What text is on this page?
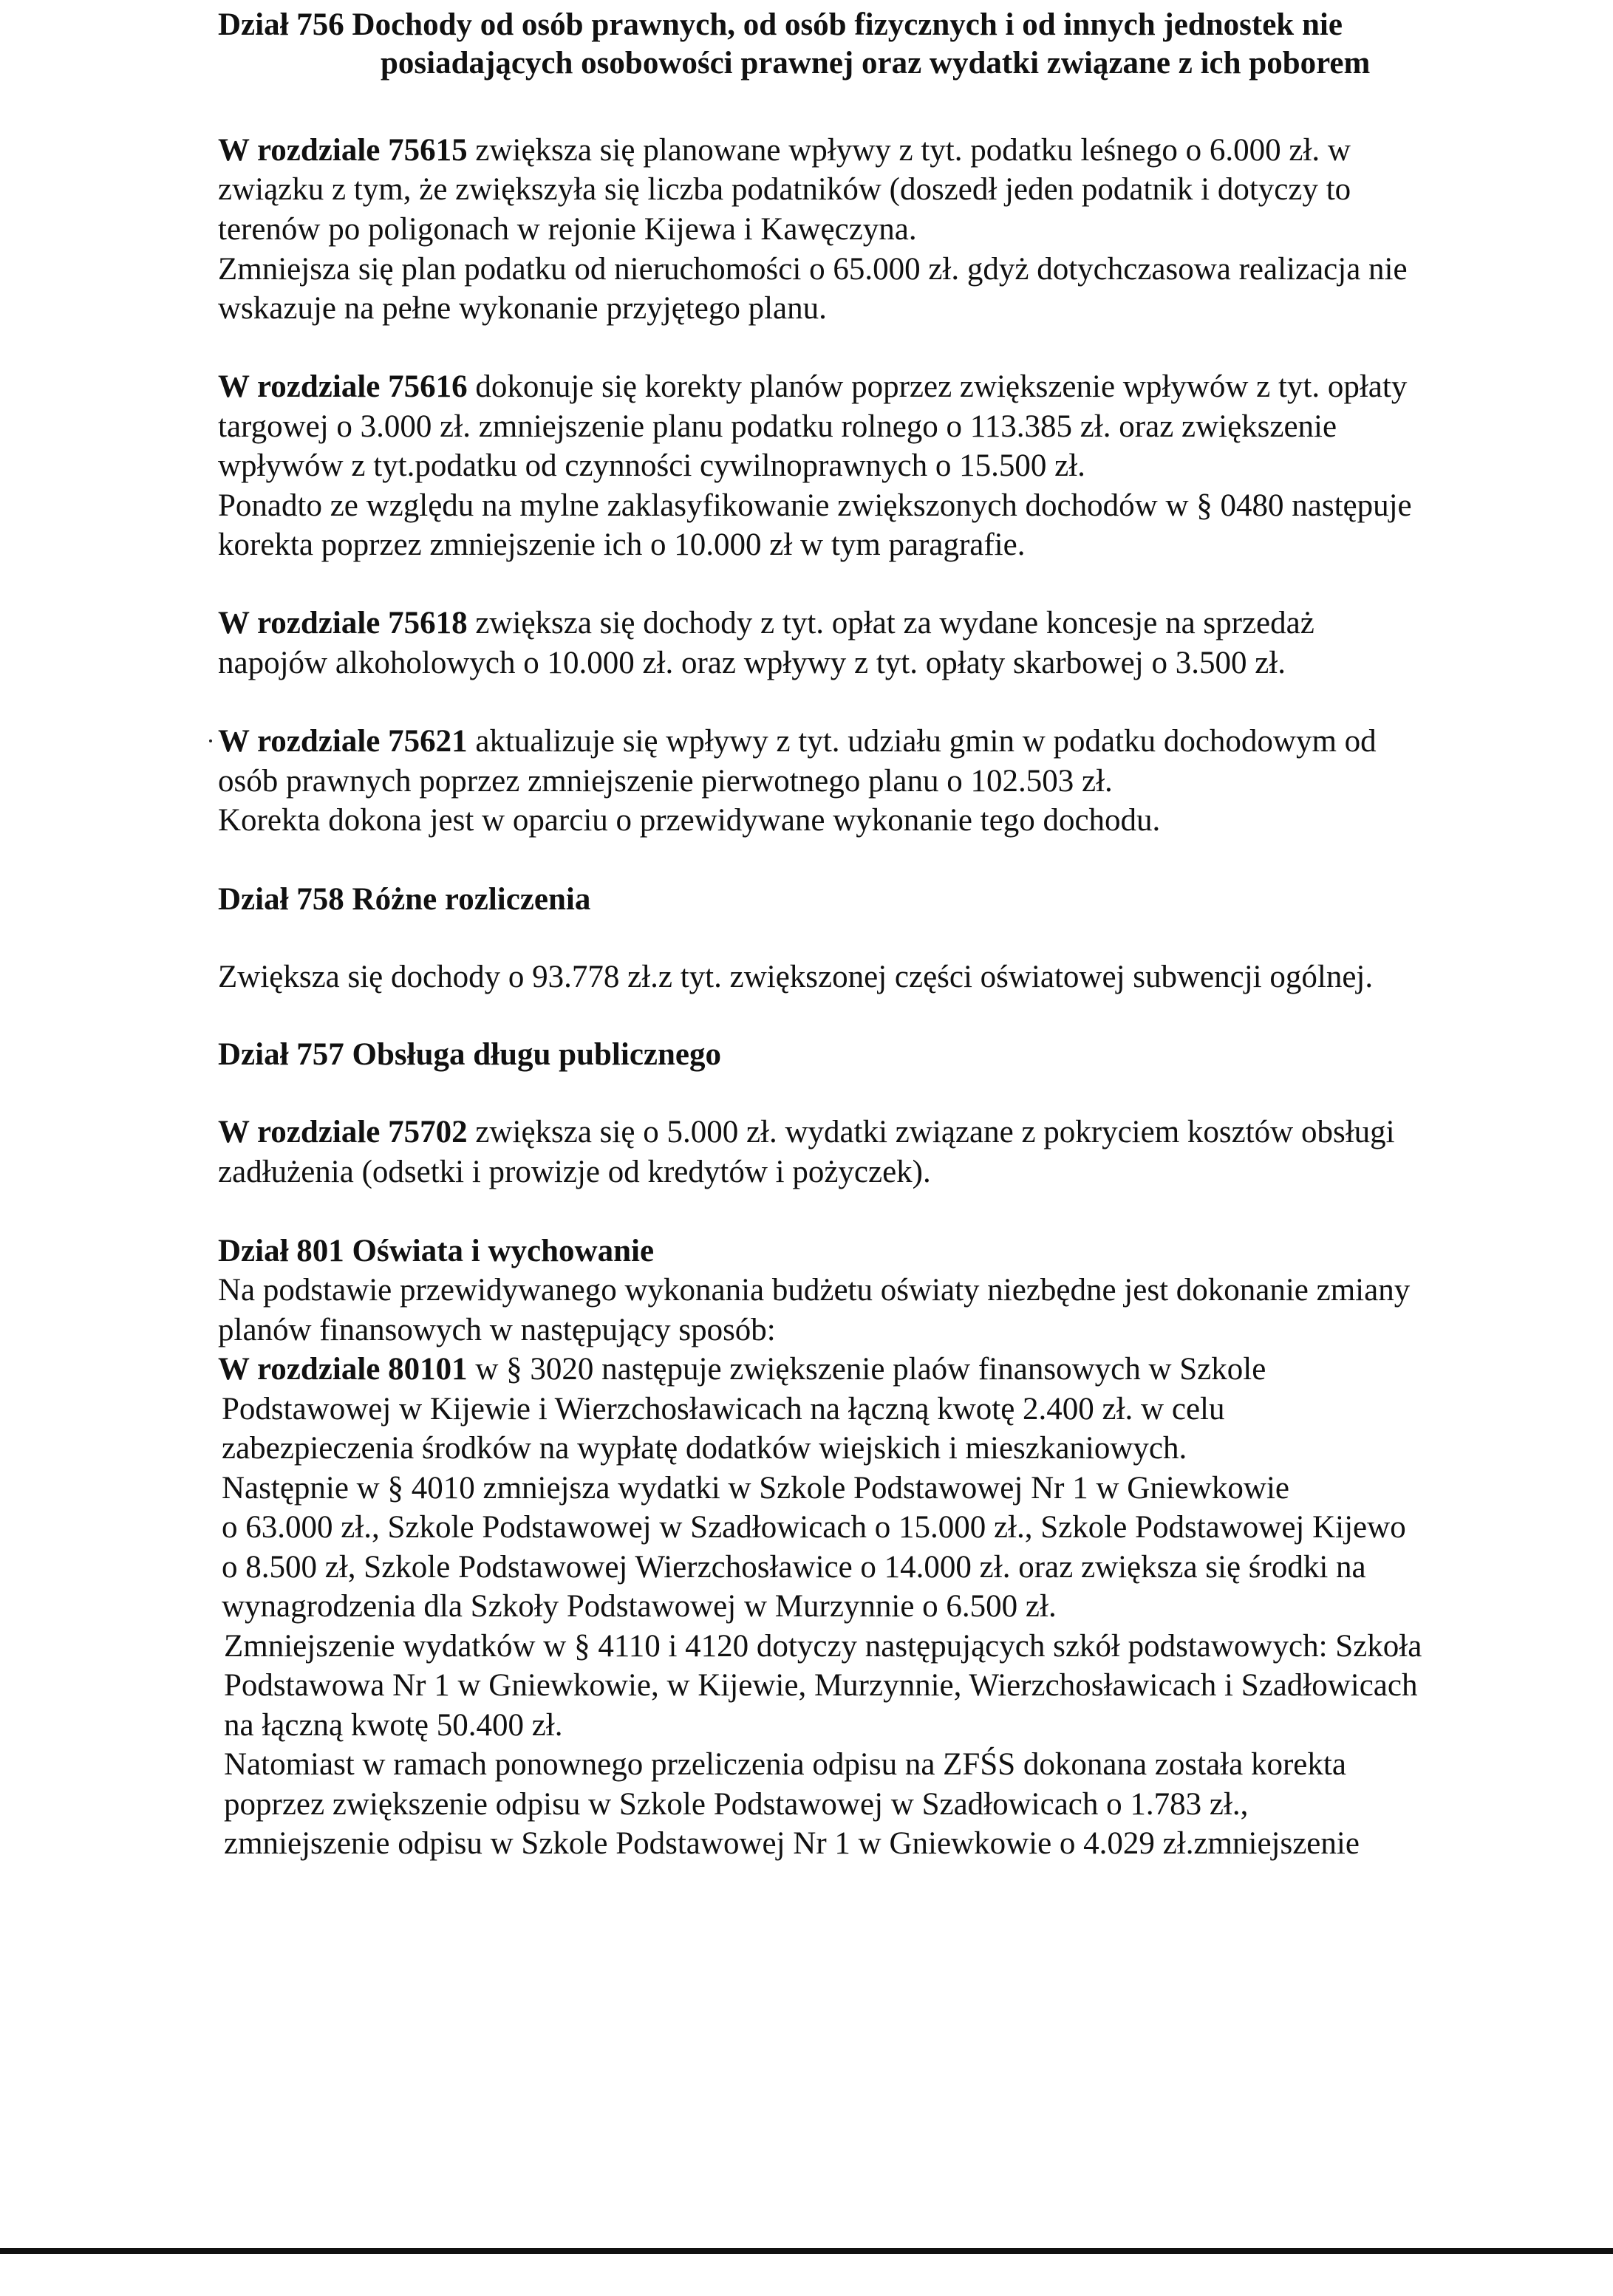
Dział 756 Dochody od osób prawnych, od osób fizycznych i od innych jednostek nie
posiadających osobowości prawnej oraz wydatki związane z ich poborem
W rozdziale 75615 zwiększa się planowane wpływy z tyt. podatku leśnego o 6.000 zł. w
związku z tym, że zwiększyła się liczba podatników (doszedł jeden podatnik i dotyczy to
terenów po poligonach w rejonie Kijewa i Kawęczyna.
Zmniejsza się plan podatku od nieruchomości o 65.000 zł. gdyż dotychczasowa realizacja nie
wskazuje na pełne wykonanie przyjętego planu.
W rozdziale 75616 dokonuje się korekty planów poprzez zwiększenie wpływów z tyt. opłaty
targowej o 3.000 zł. zmniejszenie planu podatku rolnego o 113.385 zł. oraz zwiększenie
wpływów z tyt.podatku od czynności cywilnoprawnych o 15.500 zł.
Ponadto ze względu na mylne zaklasyfikowanie zwiększonych dochodów w § 0480 następuje
korekta poprzez zmniejszenie ich o 10.000 zł w tym paragrafie.
W rozdziale 75618 zwiększa się dochody z tyt. opłat za wydane koncesje na sprzedaż
napojów alkoholowych o 10.000 zł. oraz wpływy z tyt. opłaty skarbowej o 3.500 zł.
W rozdziale 75621 aktualizuje się wpływy z tyt. udziału gmin w podatku dochodowym od
osób prawnych poprzez zmniejszenie pierwotnego planu o 102.503 zł.
Korekta dokona jest w oparciu o przewidywane wykonanie tego dochodu.
Dział 758 Różne rozliczenia
Zwiększa się dochody o 93.778 zł.z tyt. zwiększonej części oświatowej subwencji ogólnej.
Dział 757 Obsługa długu publicznego
W rozdziale 75702 zwiększa się o 5.000 zł. wydatki związane z pokryciem kosztów obsługi
zadłużenia (odsetki i prowizje od kredytów i pożyczek).
Dział 801 Oświata i wychowanie
Na podstawie przewidywanego wykonania budżetu oświaty niezbędne jest dokonanie zmiany
planów finansowych w następujący sposób:
W rozdziale 80101 w § 3020 następuje zwiększenie plaów finansowych w Szkole
Podstawowej w Kijewie i Wierzchosławicach na łączną kwotę 2.400 zł. w celu
zabezpieczenia środków na wypłatę dodatków wiejskich i mieszkaniowych.
Następnie w § 4010 zmniejsza wydatki w Szkole Podstawowej Nr 1 w Gniewkowie
o 63.000 zł., Szkole Podstawowej w Szadłowicach o 15.000 zł., Szkole Podstawowej Kijewo
o 8.500 zł, Szkole Podstawowej Wierzchosławice o 14.000 zł. oraz zwiększa się środki na
wynagrodzenia dla Szkoły Podstawowej w Murzynnie o 6.500 zł.
Zmniejszenie wydatków w § 4110 i 4120 dotyczy następujących szkół podstawowych: Szkoła
Podstawowa Nr 1 w Gniewkowie, w Kijewie, Murzynnie, Wierzchosławicach i Szadłowicach
na łączną kwotę 50.400 zł.
Natomiast w ramach ponownego przeliczenia odpisu na ZFŚS dokonana została korekta
poprzez zwiększenie odpisu w Szkole Podstawowej w Szadłowicach o 1.783 zł.,
zmniejszenie odpisu w Szkole Podstawowej Nr 1 w Gniewkowie o 4.029 zł.zmniejszenie
